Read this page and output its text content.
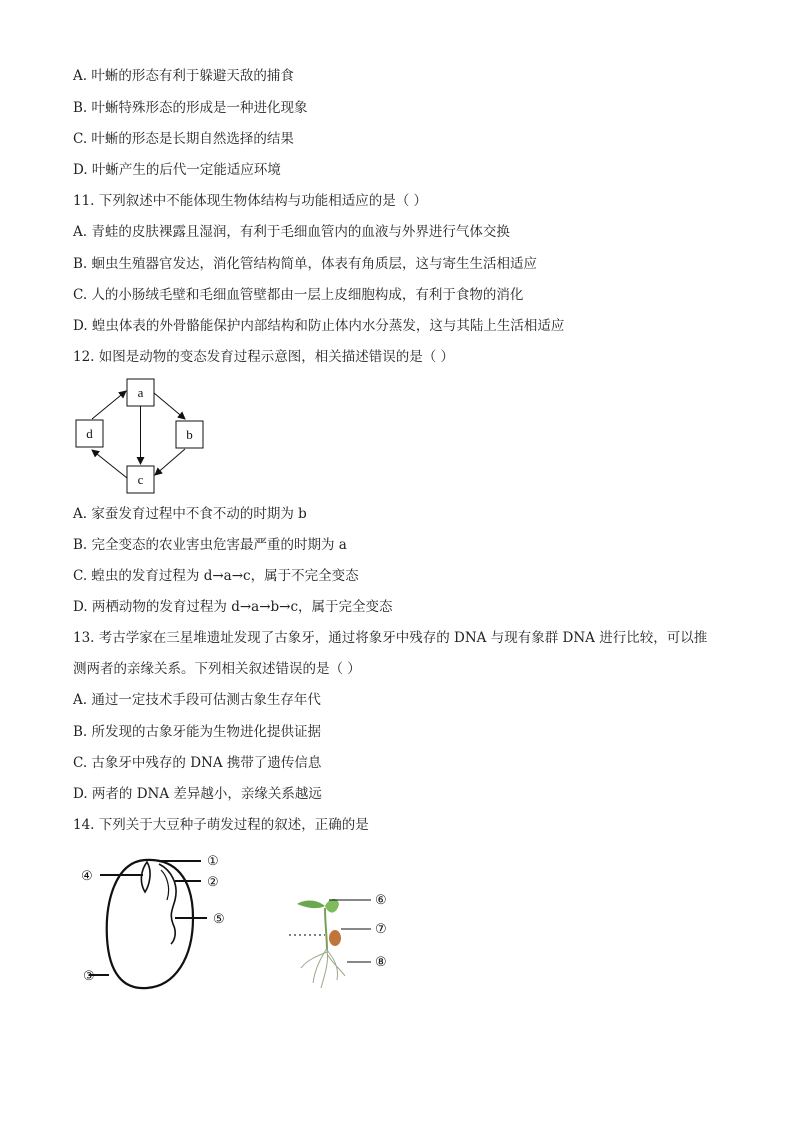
A. 叶蜥的形态有利于躲避天敌的捕食
B. 叶蜥特殊形态的形成是一种进化现象
C. 叶蜥的形态是长期自然选择的结果
D. 叶蜥产生的后代一定能适应环境
11. 下列叙述中不能体现生物体结构与功能相适应的是（ ）
A. 青蛙的皮肤裸露且湿润，有利于毛细血管内的血液与外界进行气体交换
B. 蛔虫生殖器官发达，消化管结构简单，体表有角质层，这与寄生生活相适应
C. 人的小肠绒毛壁和毛细血管壁都由一层上皮细胞构成，有利于食物的消化
D. 蝗虫体表的外骨骼能保护内部结构和防止体内水分蒸发，这与其陆上生活相适应
12. 如图是动物的变态发育过程示意图，相关描述错误的是（ ）
a
b
c
d
A. 家蚕发育过程中不食不动的时期为 b
B. 完全变态的农业害虫危害最严重的时期为 a
C. 蝗虫的发育过程为 d→a→c，属于不完全变态
D. 两栖动物的发育过程为 d→a→b→c，属于完全变态
13. 考古学家在三星堆遗址发现了古象牙，通过将象牙中残存的 DNA 与现有象群 DNA 进行比较，可以推
测两者的亲缘关系。下列相关叙述错误的是（ ）
A. 通过一定技术手段可估测古象生存年代
B. 所发现的古象牙能为生物进化提供证据
C. 古象牙中残存的 DNA 携带了遗传信息
D. 两者的 DNA 差异越小，亲缘关系越远
14. 下列关于大豆种子萌发过程的叙述，正确的是
①
②
③
④
⑤
⑥
⑦
⑧
